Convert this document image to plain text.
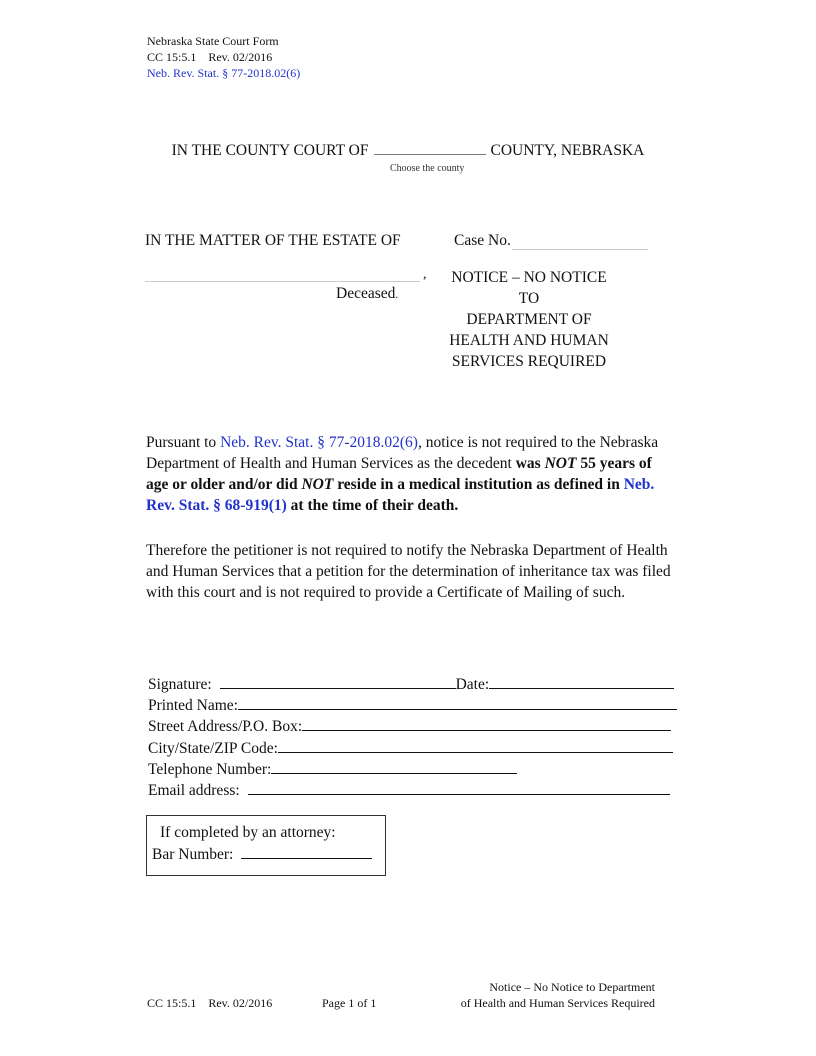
Nebraska State Court Form
CC 15:5.1 Rev. 02/2016
Neb. Rev. Stat. § 77-2018.02(6)
IN THE COUNTY COURT OF	COUNTY, NEBRASKA
Choose the county
IN THE MATTER OF THE ESTATE OF	Case No.
,
Deceased.
NOTICE – NO NOTICE TO
DEPARTMENT OF
HEALTH AND HUMAN
SERVICES REQUIRED
Pursuant to Neb. Rev. Stat. § 77-2018.02(6), notice is not required to the Nebraska Department of Health and Human Services as the decedent was NOT 55 years of age or older and/or did NOT reside in a medical institution as defined in Neb. Rev. Stat. § 68-919(1) at the time of their death.
Therefore the petitioner is not required to notify the Nebraska Department of Health and Human Services that a petition for the determination of inheritance tax was filed with this court and is not required to provide a Certificate of Mailing of such.
Signature:	Date:
Printed Name:
Street Address/P.O. Box:
City/State/ZIP Code:
Telephone Number:
Email address:
If completed by an attorney:
Bar Number:
CC 15:5.1 Rev. 02/2016	Page 1 of 1
Notice – No Notice to Department
of Health and Human Services Required
